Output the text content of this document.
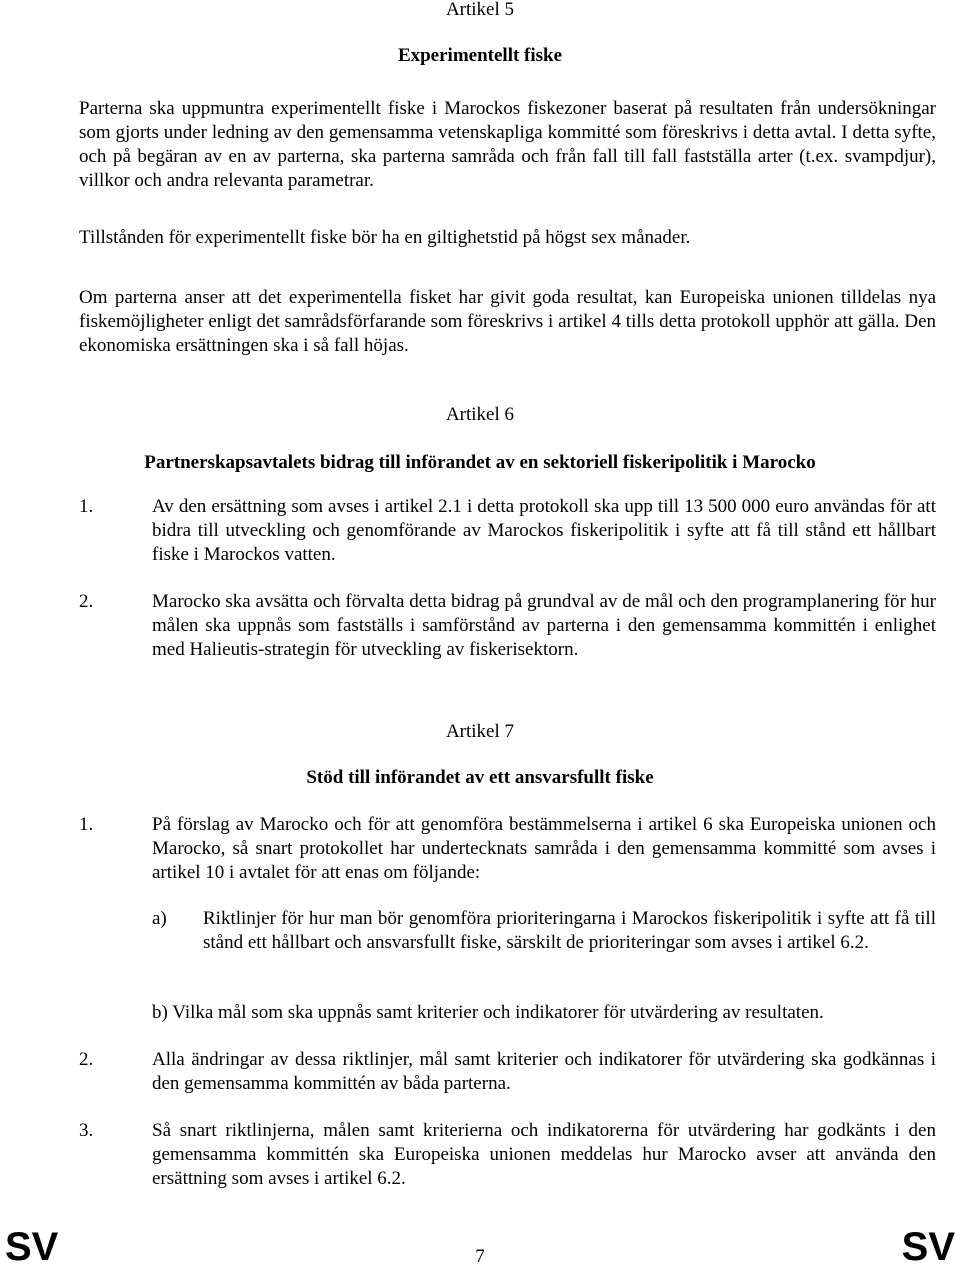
Artikel 5
Experimentellt fiske
Parterna ska uppmuntra experimentellt fiske i Marockos fiskezoner baserat på resultaten från undersökningar som gjorts under ledning av den gemensamma vetenskapliga kommitté som föreskrivs i detta avtal. I detta syfte, och på begäran av en av parterna, ska parterna samråda och från fall till fall fastställa arter (t.ex. svampdjur), villkor och andra relevanta parametrar.
Tillstånden för experimentellt fiske bör ha en giltighetstid på högst sex månader.
Om parterna anser att det experimentella fisket har givit goda resultat, kan Europeiska unionen tilldelas nya fiskemöjligheter enligt det samrådsförfarande som föreskrivs i artikel 4 tills detta protokoll upphör att gälla. Den ekonomiska ersättningen ska i så fall höjas.
Artikel 6
Partnerskapsavtalets bidrag till införandet av en sektoriell fiskeripolitik i Marocko
1.	Av den ersättning som avses i artikel 2.1 i detta protokoll ska upp till 13 500 000 euro användas för att bidra till utveckling och genomförande av Marockos fiskeripolitik i syfte att få till stånd ett hållbart fiske i Marockos vatten.
2.	Marocko ska avsätta och förvalta detta bidrag på grundval av de mål och den programplanering för hur målen ska uppnås som fastställs i samförstånd av parterna i den gemensamma kommittén i enlighet med Halieutis-strategin för utveckling av fiskerisektorn.
Artikel 7
Stöd till införandet av ett ansvarsfullt fiske
1.	På förslag av Marocko och för att genomföra bestämmelserna i artikel 6 ska Europeiska unionen och Marocko, så snart protokollet har undertecknats samråda i den gemensamma kommitté som avses i artikel 10 i avtalet för att enas om följande:
a) Riktlinjer för hur man bör genomföra prioriteringarna i Marockos fiskeripolitik i syfte att få till stånd ett hållbart och ansvarsfullt fiske, särskilt de prioriteringar som avses i artikel 6.2.
b) Vilka mål som ska uppnås samt kriterier och indikatorer för utvärdering av resultaten.
2.	Alla ändringar av dessa riktlinjer, mål samt kriterier och indikatorer för utvärdering ska godkännas i den gemensamma kommittén av båda parterna.
3.	Så snart riktlinjerna, målen samt kriterierna och indikatorerna för utvärdering har godkänts i den gemensamma kommittén ska Europeiska unionen meddelas hur Marocko avser att använda den ersättning som avses i artikel 6.2.
SV	7	SV
